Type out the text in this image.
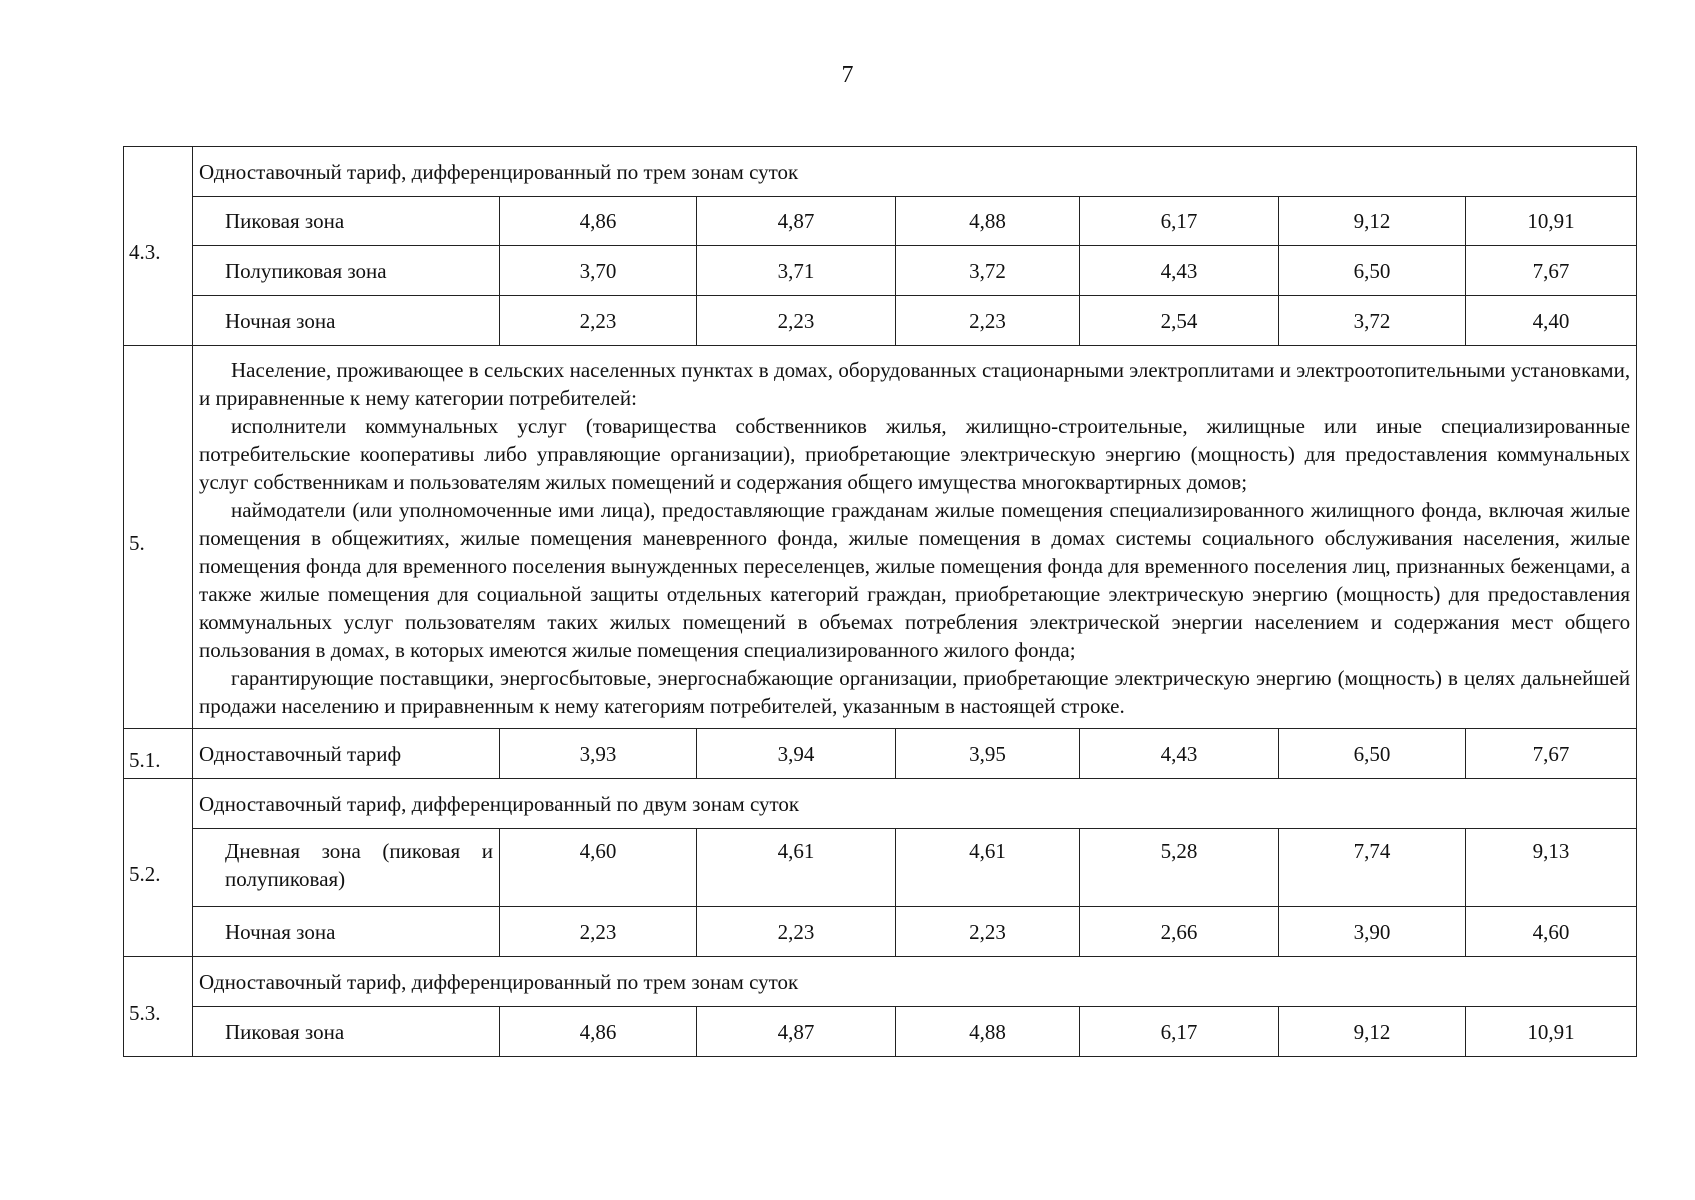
7
4.3.	Одноставочный тариф, дифференцированный по трем зонам суток						
	Пиковая зона	4,86	4,87	4,88	6,17	9,12	10,91
	Полупиковая зона	3,70	3,71	3,72	4,43	6,50	7,67
	Ночная зона	2,23	2,23	2,23	2,54	3,72	4,40
5.	Население, проживающее в сельских населенных пунктах в домах, оборудованных стационарными электроплитами и электроотопительными установками, и приравненные к нему категории потребителей:

исполнители коммунальных услуг (товарищества собственников жилья, жилищно-строительные, жилищные или иные специализированные потребительские кооперативы либо управляющие организации), приобретающие электрическую энергию (мощность) для предоставления коммунальных услуг собственникам и пользователям жилых помещений и содержания общего имущества многоквартирных домов;

наймодатели (или уполномоченные ими лица), предоставляющие гражданам жилые помещения специализированного жилищного фонда, включая жилые помещения в общежитиях, жилые помещения маневренного фонда, жилые помещения в домах системы социального обслуживания населения, жилые помещения фонда для временного поселения вынужденных переселенцев, жилые помещения фонда для временного поселения лиц, признанных беженцами, а также жилые помещения для социальной защиты отдельных категорий граждан, приобретающие электрическую энергию (мощность) для предоставления коммунальных услуг пользователям таких жилых помещений в объемах потребления электрической энергии населением и содержания мест общего пользования в домах, в которых имеются жилые помещения специализированного жилого фонда;

гарантирующие поставщики, энергосбытовые, энергоснабжающие организации, приобретающие электрическую энергию (мощность) в целях дальнейшей продажи населению и приравненным к нему категориям потребителей, указанным в настоящей строке.						

5.1.	Одноставочный тариф	3,93	3,94	3,95	4,43	6,50	7,67
5.2.	Одноставочный тариф, дифференцированный по двум зонам суток						
	Дневная зона (пиковая и полупиковая)	4,60	4,61	4,61	5,28	7,74	9,13
	Ночная зона	2,23	2,23	2,23	2,66	3,90	4,60
5.3.	Одноставочный тариф, дифференцированный по трем зонам суток						
	Пиковая зона	4,86	4,87	4,88	6,17	9,12	10,91
